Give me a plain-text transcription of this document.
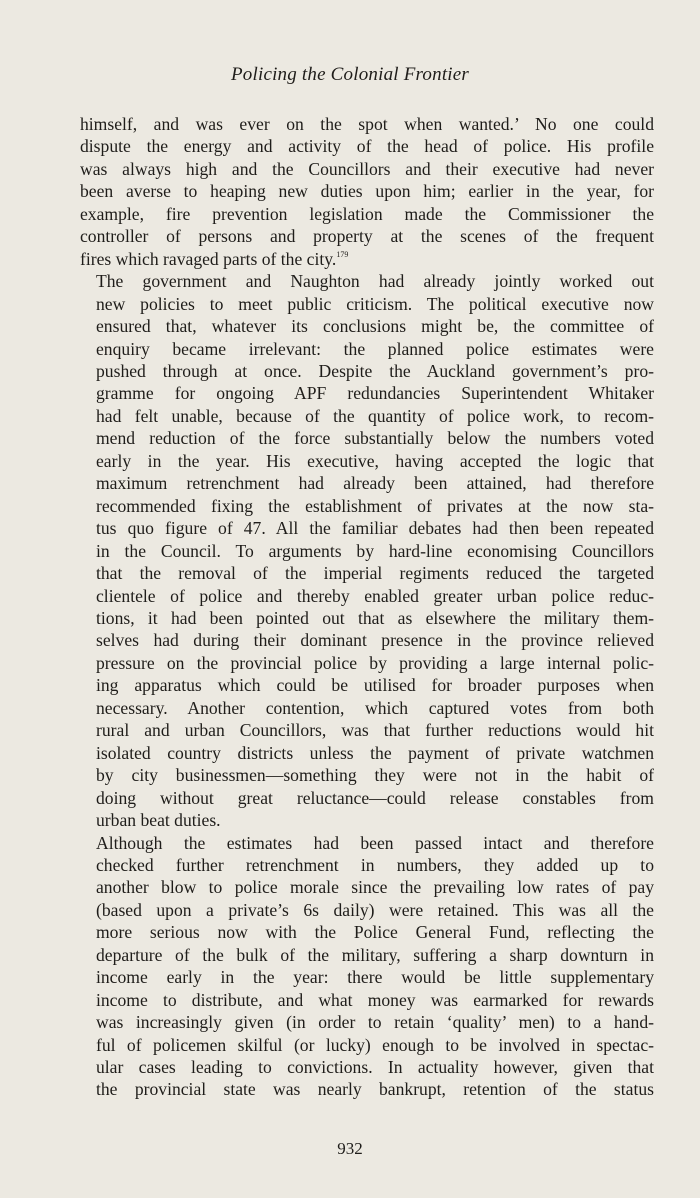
Policing the Colonial Frontier
himself, and was ever on the spot when wanted.’ No one could
dispute the energy and activity of the head of police. His profile
was always high and the Councillors and their executive had never
been averse to heaping new duties upon him; earlier in the year, for
example, fire prevention legislation made the Commissioner the
controller of persons and property at the scenes of the frequent
fires which ravaged parts of the city.$^{179}$
The government and Naughton had already jointly worked out
new policies to meet public criticism. The political executive now
ensured that, whatever its conclusions might be, the committee of
enquiry became irrelevant: the planned police estimates were
pushed through at once. Despite the Auckland government’s pro-
gramme for ongoing APF redundancies Superintendent Whitaker
had felt unable, because of the quantity of police work, to recom-
mend reduction of the force substantially below the numbers voted
early in the year. His executive, having accepted the logic that
maximum retrenchment had already been attained, had therefore
recommended fixing the establishment of privates at the now sta-
tus quo figure of 47. All the familiar debates had then been repeated
in the Council. To arguments by hard-line economising Councillors
that the removal of the imperial regiments reduced the targeted
clientele of police and thereby enabled greater urban police reduc-
tions, it had been pointed out that as elsewhere the military them-
selves had during their dominant presence in the province relieved
pressure on the provincial police by providing a large internal polic-
ing apparatus which could be utilised for broader purposes when
necessary. Another contention, which captured votes from both
rural and urban Councillors, was that further reductions would hit
isolated country districts unless the payment of private watchmen
by city businessmen—something they were not in the habit of
doing without great reluctance—could release constables from
urban beat duties.
Although the estimates had been passed intact and therefore
checked further retrenchment in numbers, they added up to
another blow to police morale since the prevailing low rates of pay
(based upon a private’s 6s daily) were retained. This was all the
more serious now with the Police General Fund, reflecting the
departure of the bulk of the military, suffering a sharp downturn in
income early in the year: there would be little supplementary
income to distribute, and what money was earmarked for rewards
was increasingly given (in order to retain ‘quality’ men) to a hand-
ful of policemen skilful (or lucky) enough to be involved in spectac-
ular cases leading to convictions. In actuality however, given that
the provincial state was nearly bankrupt, retention of the status
932
